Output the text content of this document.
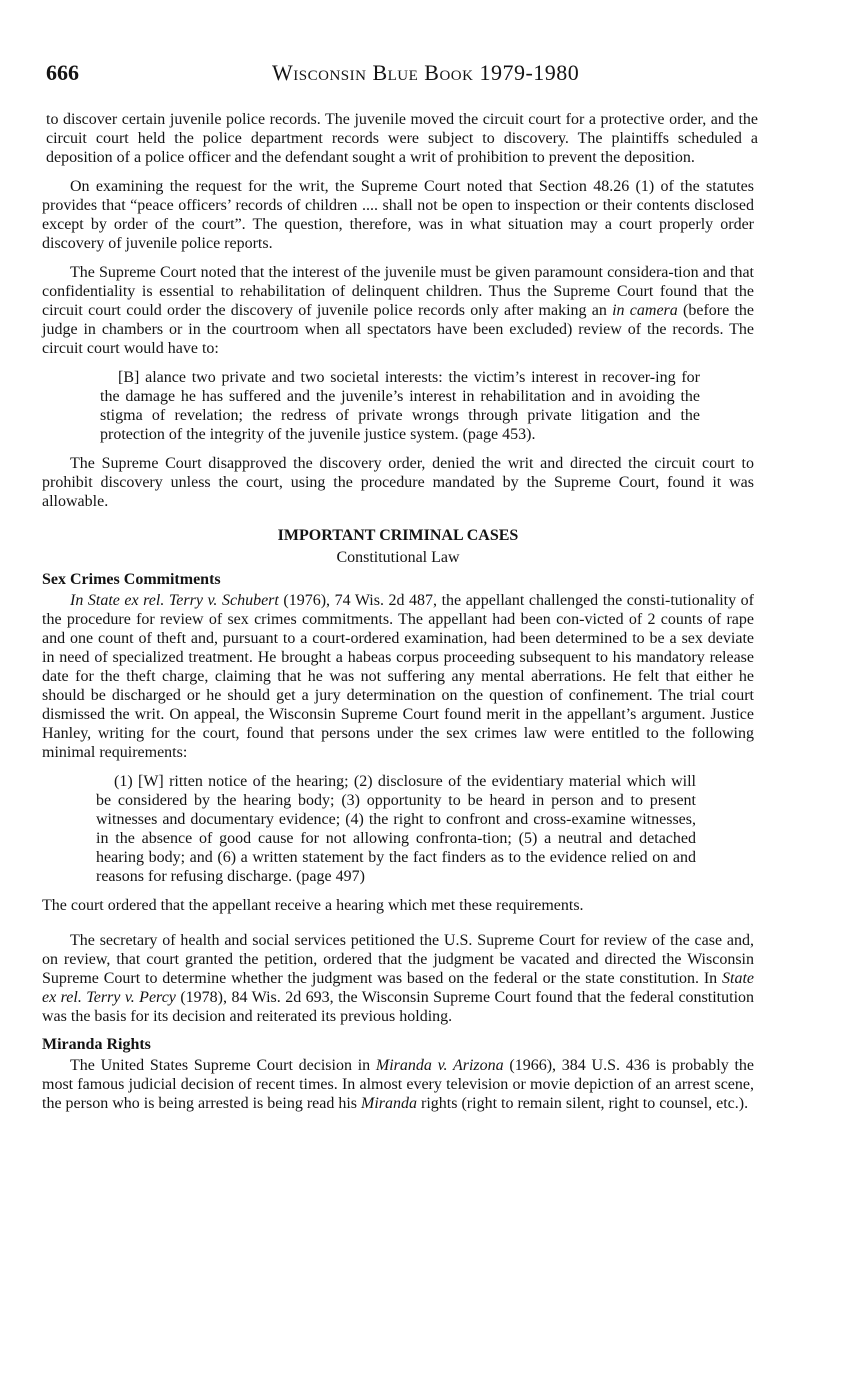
666	Wisconsin Blue Book 1979-1980

to discover certain juvenile police records. The juvenile moved the circuit court for a protective order, and the circuit court held the police department records were subject to discovery. The plaintiffs scheduled a deposition of a police officer and the defendant sought a writ of prohibition to prevent the deposition.

On examining the request for the writ, the Supreme Court noted that Section 48.26 (1) of the statutes provides that “peace officers’ records of children .... shall not be open to inspection or their contents disclosed except by order of the court”. The question, therefore, was in what situation may a court properly order discovery of juvenile police reports.

The Supreme Court noted that the interest of the juvenile must be given paramount considera-tion and that confidentiality is essential to rehabilitation of delinquent children. Thus the Supreme Court found that the circuit court could order the discovery of juvenile police records only after making an in camera (before the judge in chambers or in the courtroom when all spectators have been excluded) review of the records. The circuit court would have to:

[B] alance two private and two societal interests: the victim’s interest in recover-ing for the damage he has suffered and the juvenile’s interest in rehabilitation and in avoiding the stigma of revelation; the redress of private wrongs through private litigation and the protection of the integrity of the juvenile justice system. (page 453).

The Supreme Court disapproved the discovery order, denied the writ and directed the circuit court to prohibit discovery unless the court, using the procedure mandated by the Supreme Court, found it was allowable.

IMPORTANT CRIMINAL CASES
Constitutional Law
Sex Crimes Commitments

In State ex rel. Terry v. Schubert (1976), 74 Wis. 2d 487, the appellant challenged the consti-tutionality of the procedure for review of sex crimes commitments. The appellant had been con-victed of 2 counts of rape and one count of theft and, pursuant to a court-ordered examination, had been determined to be a sex deviate in need of specialized treatment. He brought a habeas corpus proceeding subsequent to his mandatory release date for the theft charge, claiming that he was not suffering any mental aberrations. He felt that either he should be discharged or he should get a jury determination on the question of confinement. The trial court dismissed the writ. On appeal, the Wisconsin Supreme Court found merit in the appellant’s argument. Justice Hanley, writing for the court, found that persons under the sex crimes law were entitled to the following minimal requirements:

(1) [W] ritten notice of the hearing; (2) disclosure of the evidentiary material which will be considered by the hearing body; (3) opportunity to be heard in person and to present witnesses and documentary evidence; (4) the right to confront and cross-examine witnesses, in the absence of good cause for not allowing confronta-tion; (5) a neutral and detached hearing body; and (6) a written statement by the fact finders as to the evidence relied on and reasons for refusing discharge. (page 497)

The court ordered that the appellant receive a hearing which met these requirements.

The secretary of health and social services petitioned the U.S. Supreme Court for review of the case and, on review, that court granted the petition, ordered that the judgment be vacated and directed the Wisconsin Supreme Court to determine whether the judgment was based on the federal or the state constitution. In State ex rel. Terry v. Percy (1978), 84 Wis. 2d 693, the Wisconsin Supreme Court found that the federal constitution was the basis for its decision and reiterated its previous holding.

Miranda Rights

The United States Supreme Court decision in Miranda v. Arizona (1966), 384 U.S. 436 is probably the most famous judicial decision of recent times. In almost every television or movie depiction of an arrest scene, the person who is being arrested is being read his Miranda rights (right to remain silent, right to counsel, etc.).
